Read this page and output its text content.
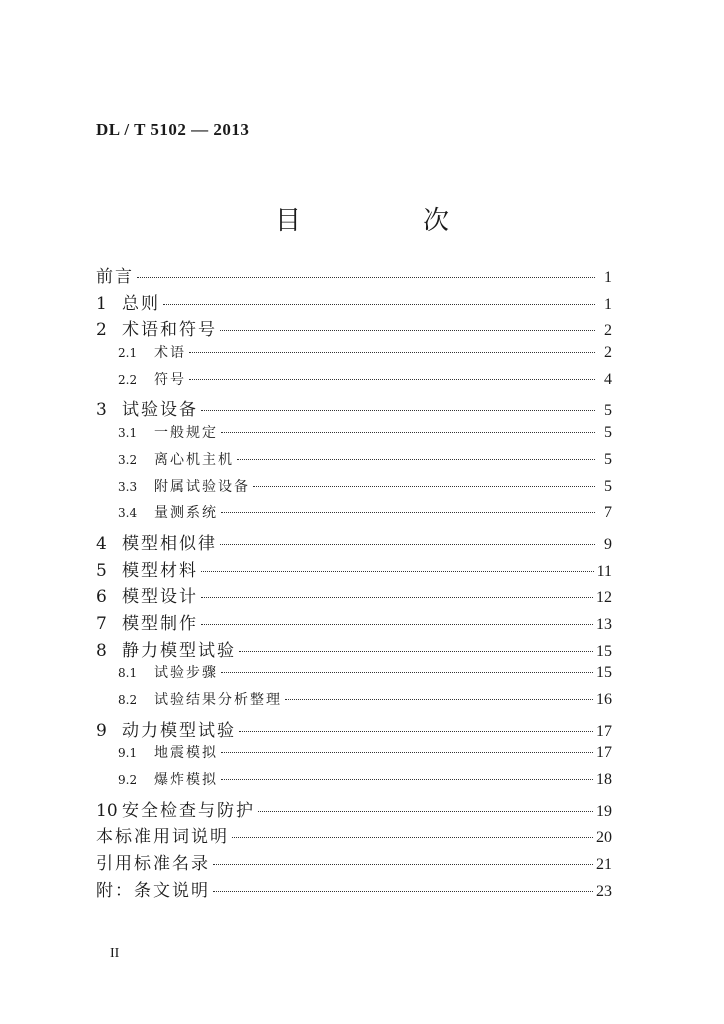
DL / T 5102 — 2013
目　次
前言	1
1 总则	1
2 术语和符号	2
2.1	术语	2
2.2	符号	4
3 试验设备	5
3.1	一般规定	5
3.2	离心机主机	5
3.3	附属试验设备	5
3.4	量测系统	7
4 模型相似律	9
5 模型材料	11
6 模型设计	12
7 模型制作	13
8 静力模型试验	15
8.1	试验步骤	15
8.2	试验结果分析整理	16
9 动力模型试验	17
9.1	地震模拟	17
9.2	爆炸模拟	18
10 安全检查与防护	19
本标准用词说明	20
引用标准名录	21
附：条文说明	23
II
